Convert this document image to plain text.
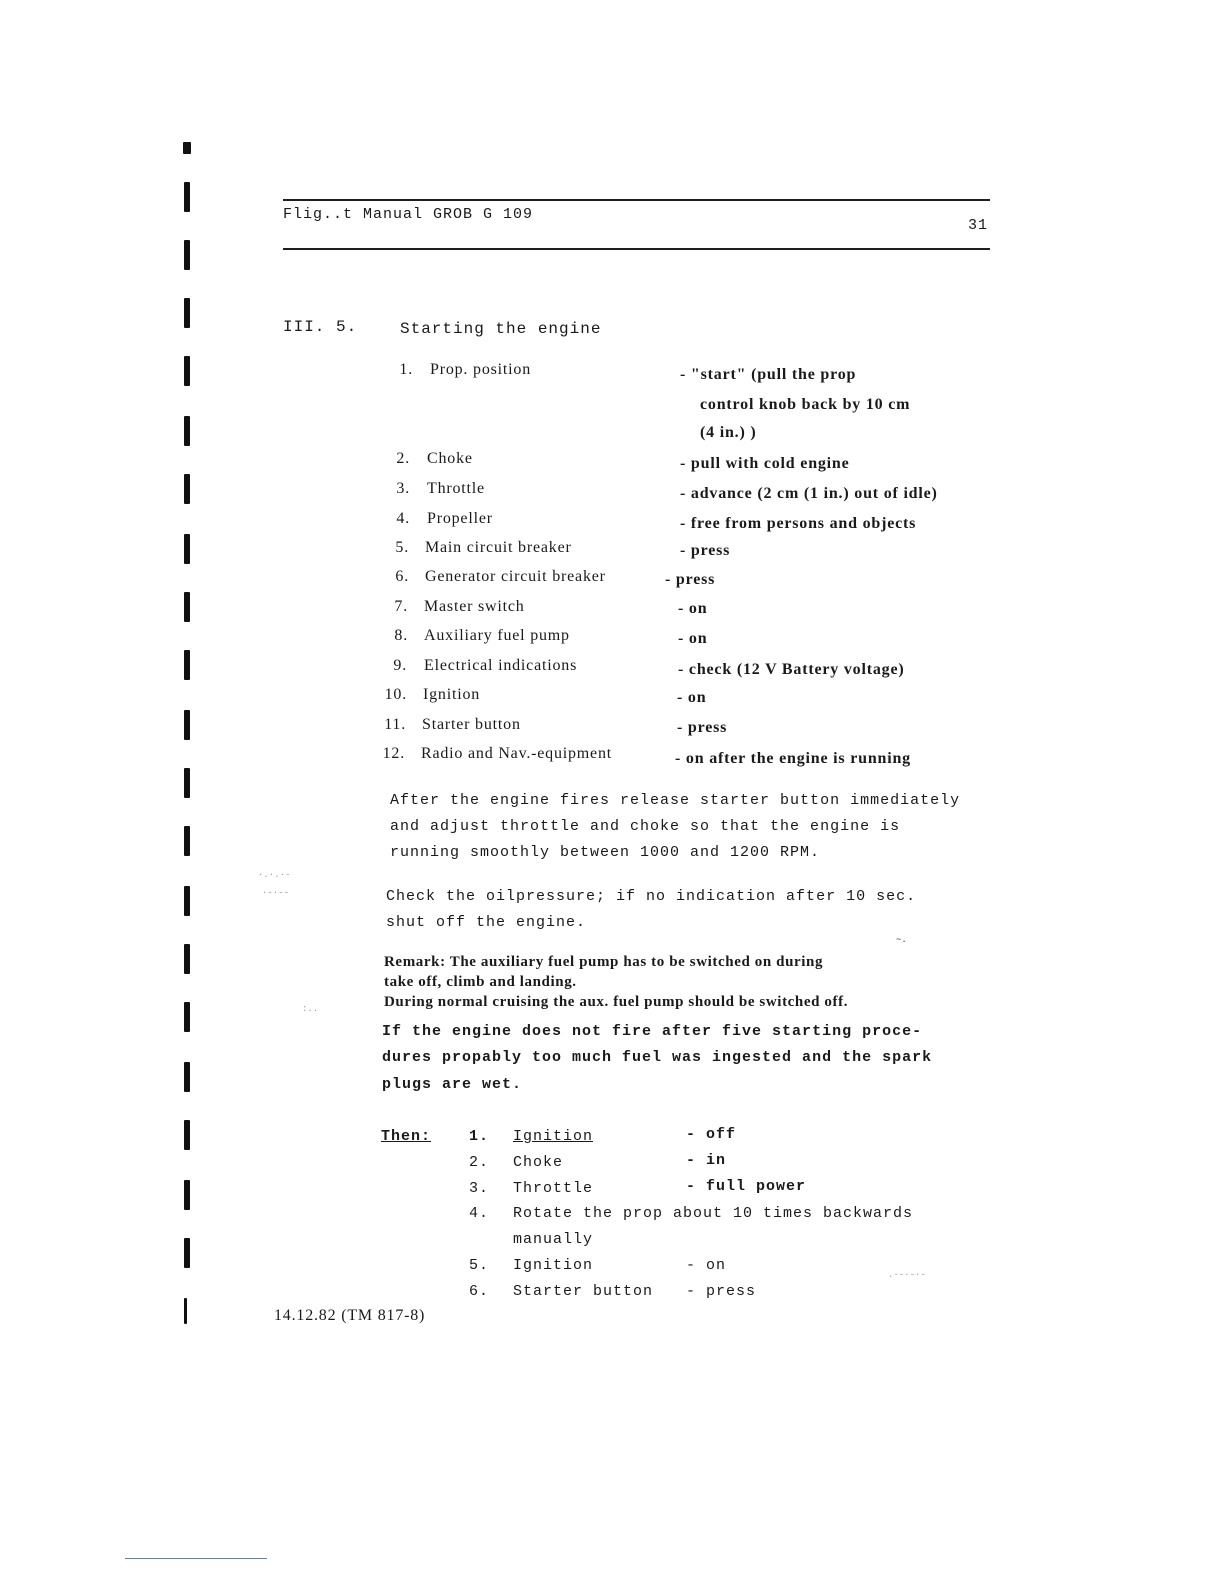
Flig..t Manual GROB G 109
31
III. 5.	Starting the engine
1. Prop. position	- "start" (pull the prop
control knob back by 10 cm
(4 in.) )
2. Choke	- pull with cold engine
3. Throttle	- advance (2 cm (1 in.) out of idle)
4. Propeller	- free from persons and objects
5. Main circuit breaker	- press
6. Generator circuit breaker	- press
7. Master switch	- on
8. Auxiliary fuel pump	- on
9. Electrical indications	- check (12 V Battery voltage)
10. Ignition	- on
11. Starter button	- press
12. Radio and Nav.-equipment	- on after the engine is running
After the engine fires release starter button immediately
and adjust throttle and choke so that the engine is
running smoothly between 1000 and 1200 RPM.
Check the oilpressure; if no indication after 10 sec.
shut off the engine.
Remark: The auxiliary fuel pump has to be switched on during
take off, climb and landing.
During normal cruising the aux. fuel pump should be switched off.
If the engine does not fire after five starting proce-
dures propably too much fuel was ingested and the spark
plugs are wet.
Then:	1. Ignition	- off
2. Choke	- in
3. Throttle	- full power
4. Rotate the prop about 10 times backwards
manually
5. Ignition	- on
6. Starter button - press
14.12.82 (TM 817-8)
·.·.·-
·-·--
:..
.·-·-·-
~.
